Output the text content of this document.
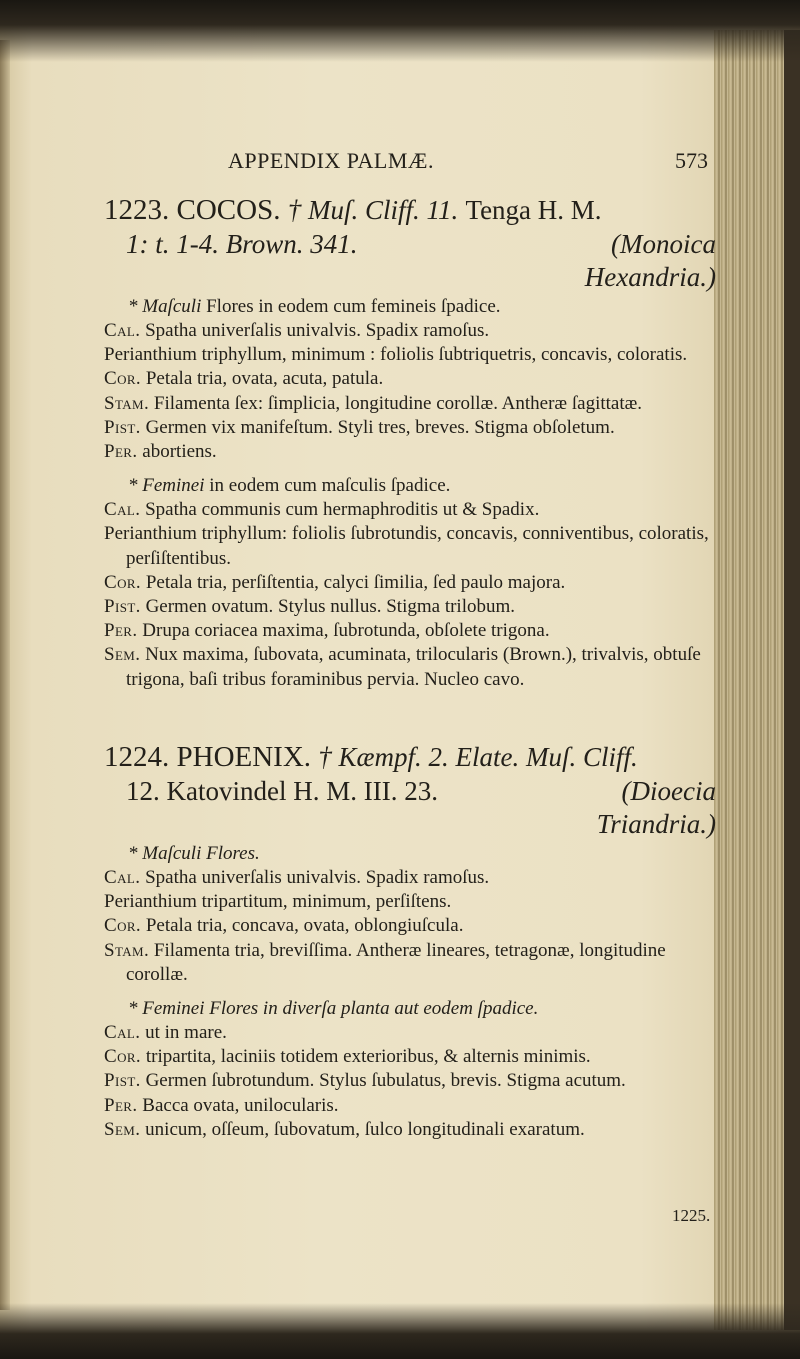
APPENDIX PALMÆ.	573

1223. COCOS. † Muſ. Cliff. 11. Tenga H. M.

1: t. 1-4. Brown. 341.	(Monoica

Hexandria.)

* Maſculi Flores in eodem cum femineis ſpadice.

Cal. Spatha univerſalis univalvis. Spadix ramoſus.

Perianthium triphyllum, minimum : foliolis ſubtriquetris, concavis, coloratis.

Cor. Petala tria, ovata, acuta, patula.

Stam. Filamenta ſex: ſimplicia, longitudine corollæ. Antheræ ſagittatæ.

Pist. Germen vix manifeſtum. Styli tres, breves. Stigma obſoletum.

Per. abortiens.

* Feminei in eodem cum maſculis ſpadice.

Cal. Spatha communis cum hermaphroditis ut & Spadix.

Perianthium triphyllum: foliolis ſubrotundis, concavis, conniventibus, coloratis, perſiſtentibus.

Cor. Petala tria, perſiſtentia, calyci ſimilia, ſed paulo majora.

Pist. Germen ovatum. Stylus nullus. Stigma trilobum.

Per. Drupa coriacea maxima, ſubrotunda, obſolete trigona.

Sem. Nux maxima, ſubovata, acuminata, trilocularis (Brown.), trivalvis, obtuſe trigona, baſi tribus foraminibus pervia. Nucleo cavo.

1224. PHOENIX. † Kæmpf. 2. Elate. Muſ. Cliff.

12. Katovindel H. M. III. 23.	(Dioecia

Triandria.)

* Maſculi Flores.

Cal. Spatha univerſalis univalvis. Spadix ramoſus.

Perianthium tripartitum, minimum, perſiſtens.

Cor. Petala tria, concava, ovata, oblongiuſcula.

Stam. Filamenta tria, breviſſima. Antheræ lineares, tetragonæ, longitudine corollæ.

* Feminei Flores in diverſa planta aut eodem ſpadice.

Cal. ut in mare.

Cor. tripartita, laciniis totidem exterioribus, & alternis minimis.

Pist. Germen ſubrotundum. Stylus ſubulatus, brevis. Stigma acutum.

Per. Bacca ovata, unilocularis.

Sem. unicum, oſſeum, ſubovatum, ſulco longitudinali exaratum.

1225.
